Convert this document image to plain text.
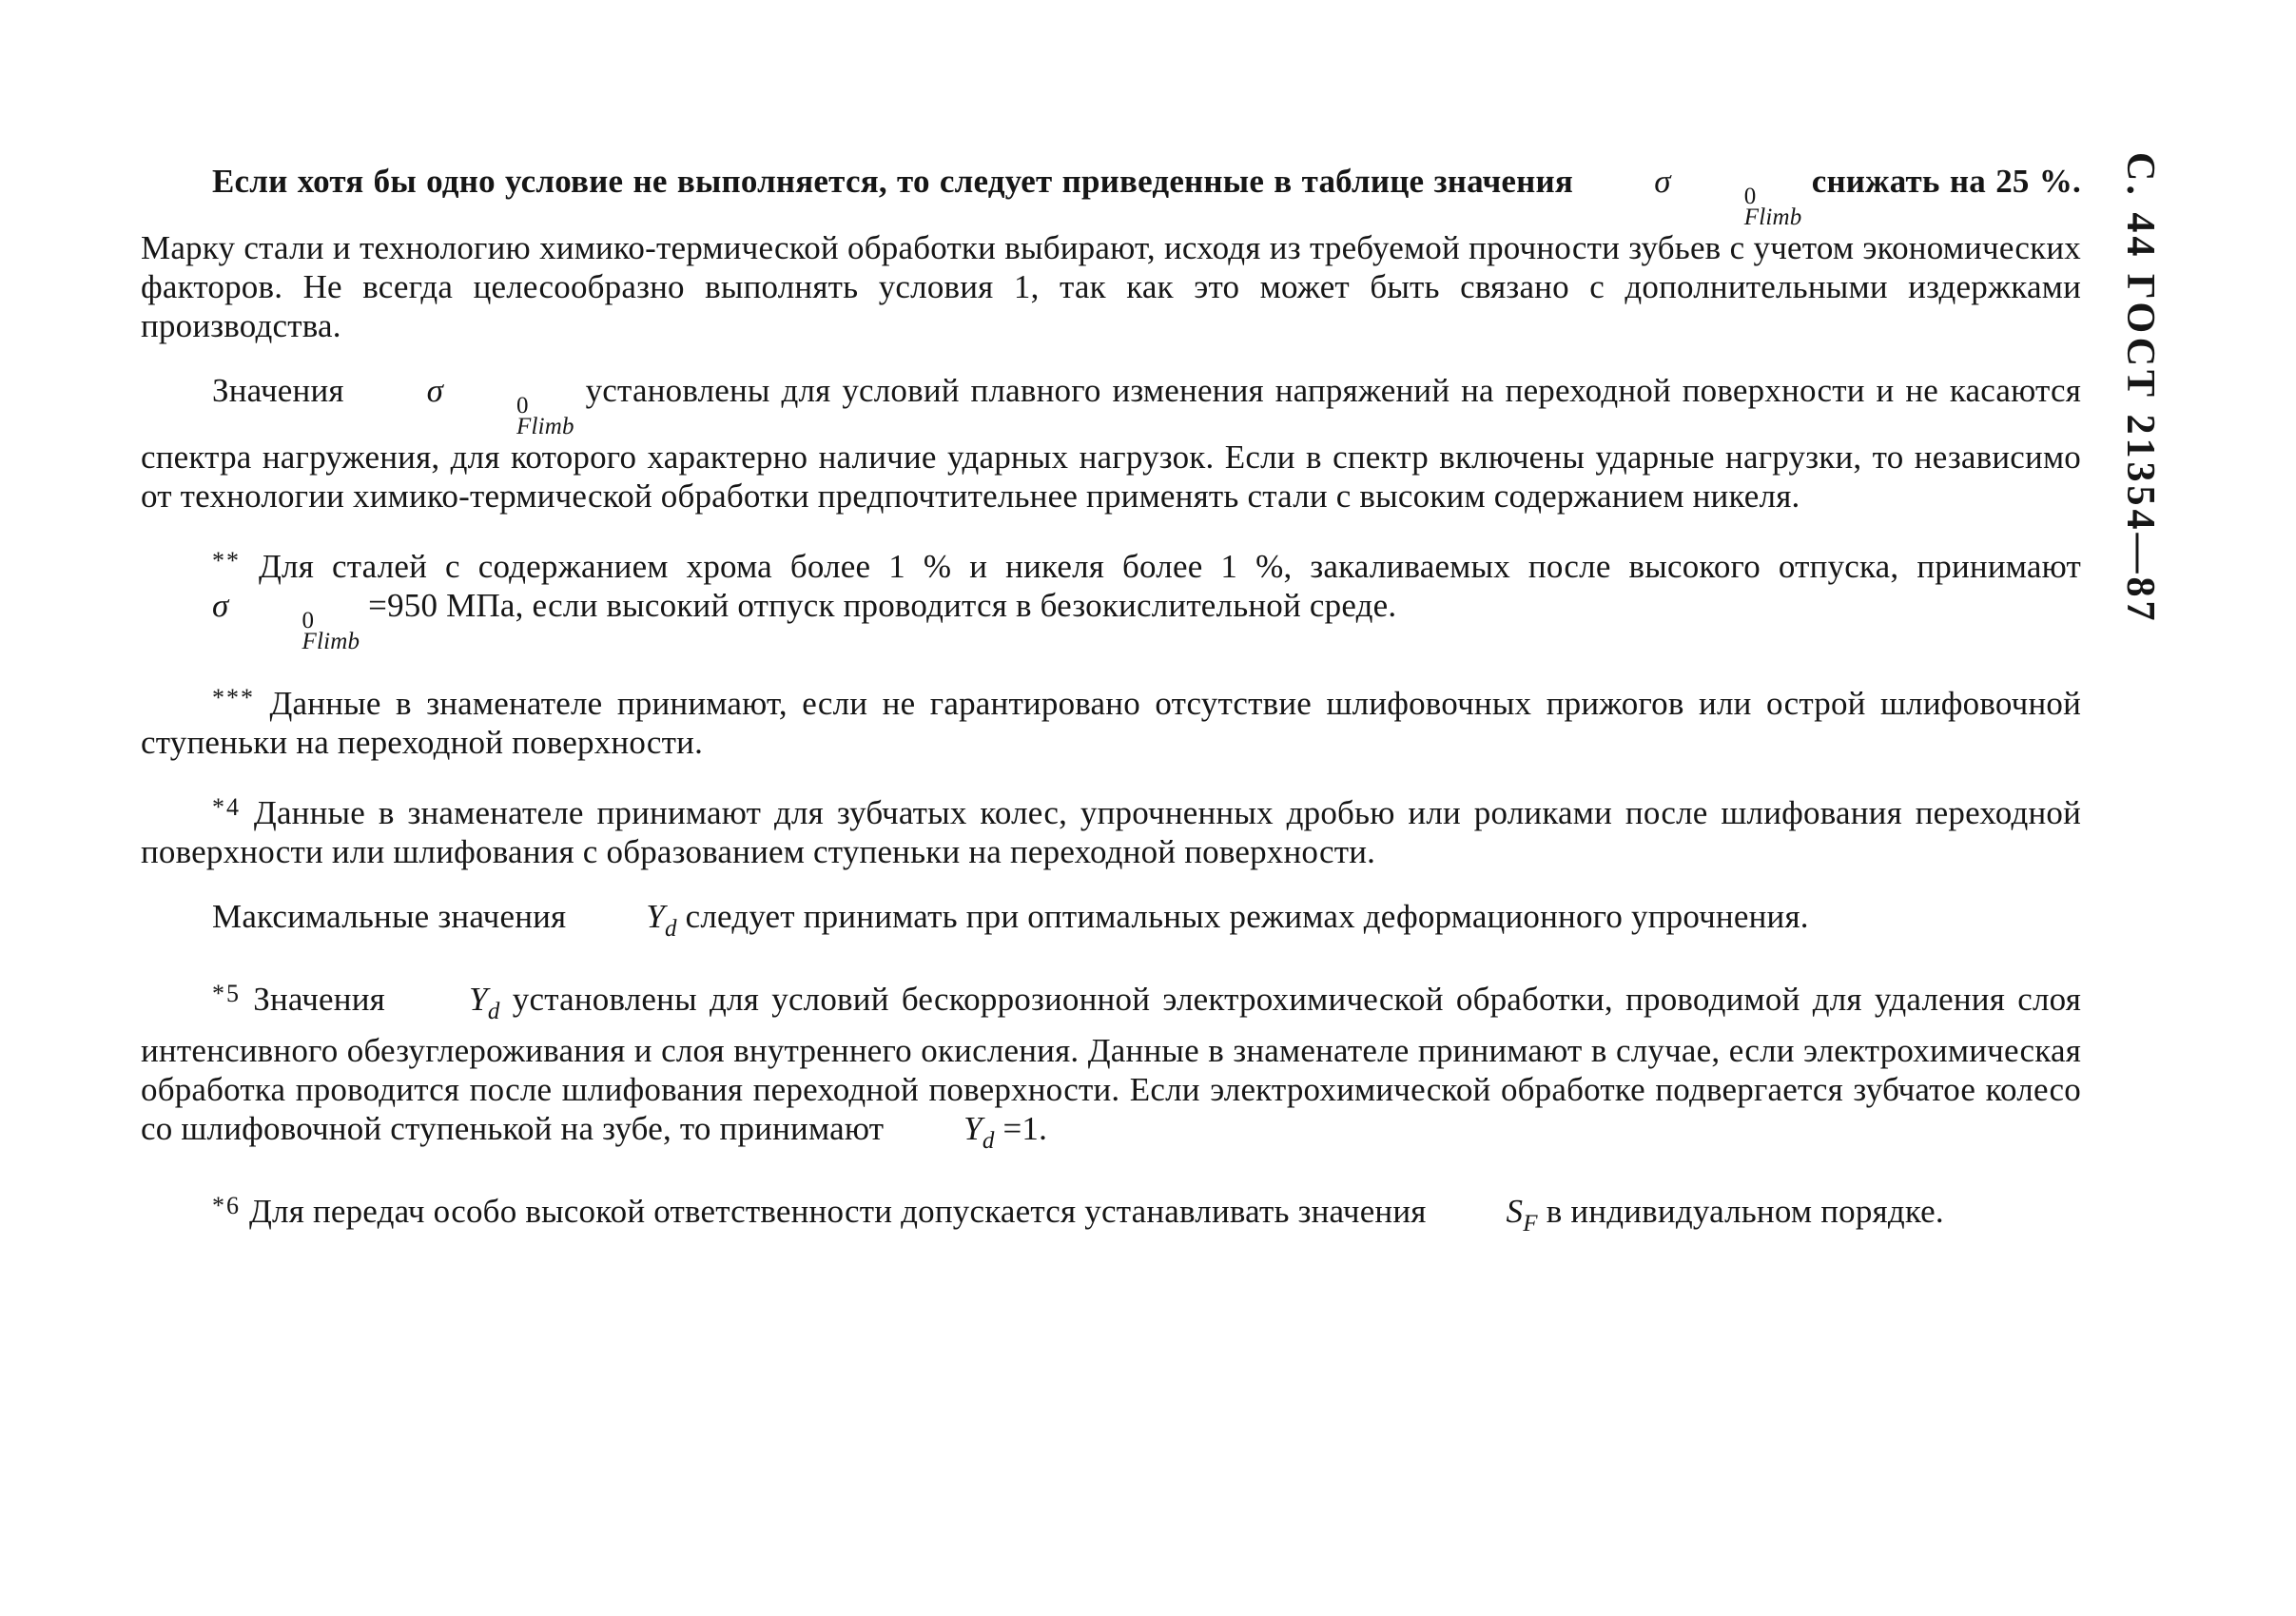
С. 44 ГОСТ 21354—87

Если хотя бы одно условие не выполняется, то следует приведенные в таблице значения σ	0
Flimb
снижать на 25 %. Марку стали и технологию химико-термической обработки выбирают, исходя из требуемой прочности зубьев с учетом экономических факторов. Не всегда целесообразно выполнять условия 1, так как это может быть связано с дополнительными издержками производства.

Значения σ	0
Flimb
установлены для условий плавного изменения напряжений на переходной поверхности и не касаются спектра нагружения, для которого характерно наличие ударных нагрузок. Если в спектр включены ударные нагрузки, то независимо от технологии химико-термической обработки предпочтительнее применять стали с высоким содержанием никеля.

** Для сталей с содержанием хрома более 1 % и никеля более 1 %, закаливаемых после высокого отпуска, принимают σ	0
Flimb
=950 МПа, если высокий отпуск проводится в безокислительной среде.

*** Данные в знаменателе принимают, если не гарантировано отсутствие шлифовочных прижогов или острой шлифовочной ступеньки на переходной поверхности.

$^{*4}$ Данные в знаменателе принимают для зубчатых колес, упрочненных дробью или роликами после шлифования переходной поверхности или шлифования с образованием ступеньки на переходной поверхности.

Максимальные значения $Y_d$ следует принимать при оптимальных режимах деформационного упрочнения.

$^{*5}$ Значения	$Y_d$ установлены для условий бескоррозионной электрохимической обработки, проводимой для удаления слоя интенсивного обезуглероживания и слоя внутреннего окисления. Данные в знаменателе принимают в случае, если электрохимическая обработка проводится после шлифования переходной поверхности. Если электрохимической обработке подвергается зубчатое колесо со шлифовочной ступенькой на зубе, то принимают $Y_d =1$.

$^{*6}$ Для передач особо высокой ответственности допускается устанавливать значения $S_F$ в индивидуальном порядке.
